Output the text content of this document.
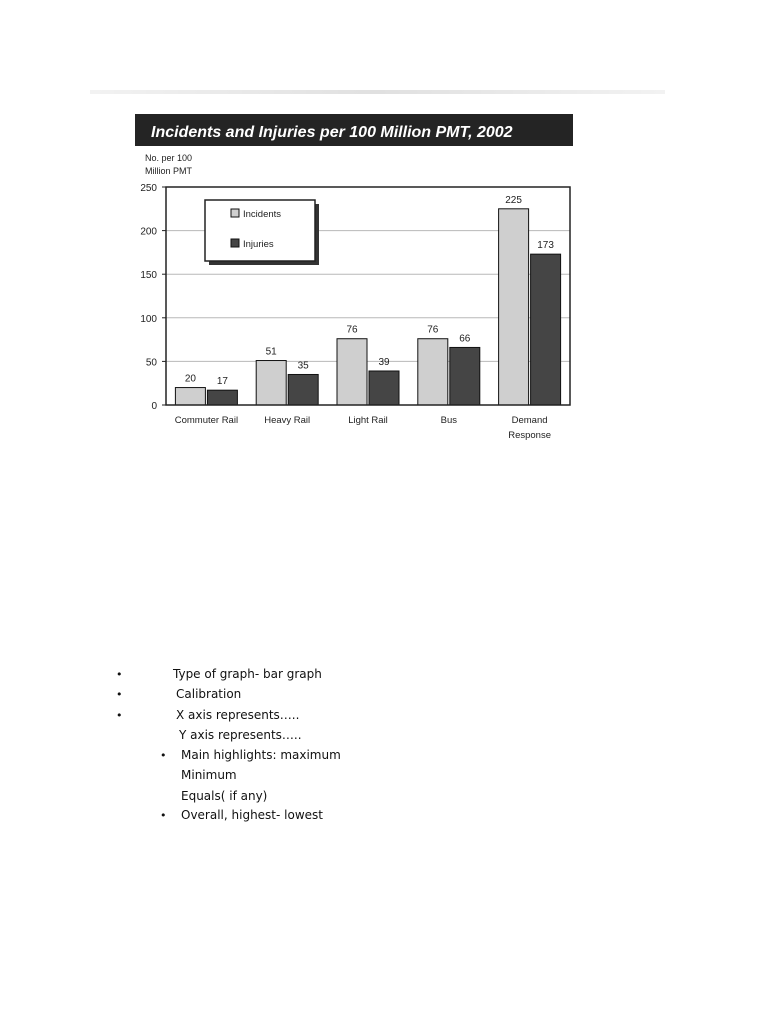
Incidents and Injuries per 100 Million PMT, 2002
No. per 100
Million PMT
0
50
100
150
200
250
20 17
Commuter Rail
51
35
Heavy Rail
76
39
Light Rail
76
66
Bus
225
173
Demand
Response
Incidents
Injuries
•	Type of graph- bar graph
•	Calibration
•	X axis represents…..
Y axis represents…..
• Main highlights: maximum
Minimum
Equals( if any)
• Overall, highest- lowest
